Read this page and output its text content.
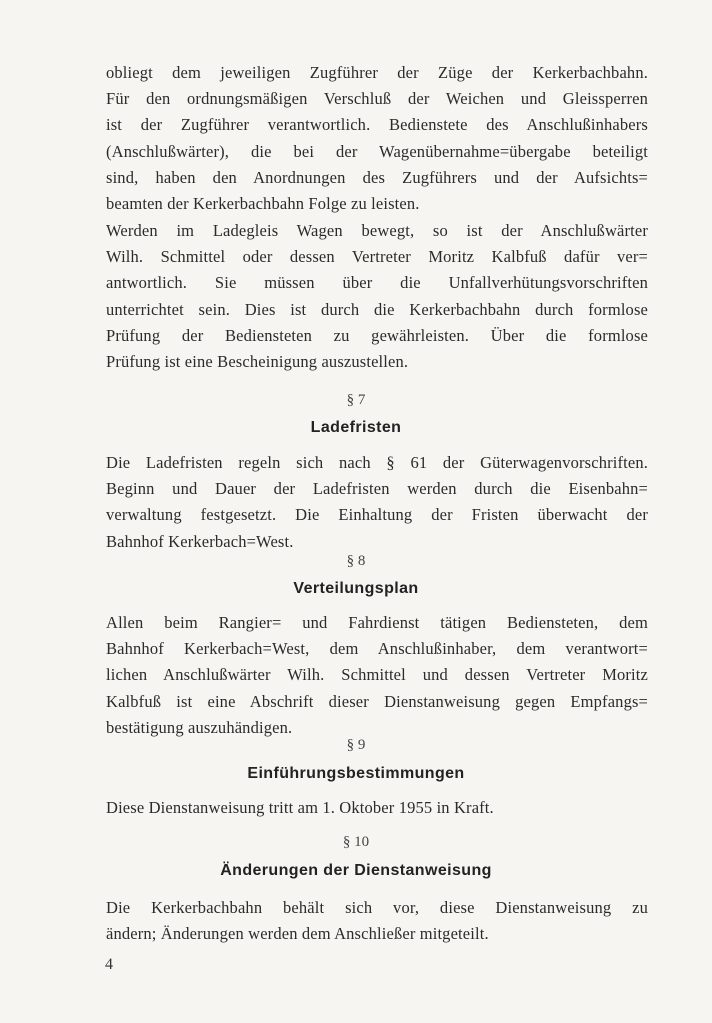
obliegt dem jeweiligen Zugführer der Züge der Kerkerbachbahn.
Für den ordnungsmäßigen Verschluß der Weichen und Gleissperren
ist der Zugführer verantwortlich. Bedienstete des Anschlußinhabers
(Anschlußwärter), die bei der Wagenübernahme=übergabe beteiligt
sind, haben den Anordnungen des Zugführers und der Aufsichts=
beamten der Kerkerbachbahn Folge zu leisten.
Werden im Ladegleis Wagen bewegt, so ist der Anschlußwärter
Wilh. Schmittel oder dessen Vertreter Moritz Kalbfuß dafür ver=
antwortlich. Sie müssen über die Unfallverhütungsvorschriften
unterrichtet sein. Dies ist durch die Kerkerbachbahn durch formlose
Prüfung der Bediensteten zu gewährleisten. Über die formlose
Prüfung ist eine Bescheinigung auszustellen.
§ 7
Ladefristen
Die Ladefristen regeln sich nach § 61 der Güterwagenvorschriften.
Beginn und Dauer der Ladefristen werden durch die Eisenbahn=
verwaltung festgesetzt. Die Einhaltung der Fristen überwacht der
Bahnhof Kerkerbach=West.
§ 8
Verteilungsplan
Allen beim Rangier= und Fahrdienst tätigen Bediensteten, dem
Bahnhof Kerkerbach=West, dem Anschlußinhaber, dem verantwort=
lichen Anschlußwärter Wilh. Schmittel und dessen Vertreter Moritz
Kalbfuß ist eine Abschrift dieser Dienstanweisung gegen Empfangs=
bestätigung auszuhändigen.
§ 9
Einführungsbestimmungen
Diese Dienstanweisung tritt am 1. Oktober 1955 in Kraft.
§ 10
Änderungen der Dienstanweisung
Die Kerkerbachbahn behält sich vor, diese Dienstanweisung zu
ändern; Änderungen werden dem Anschließer mitgeteilt.
4
